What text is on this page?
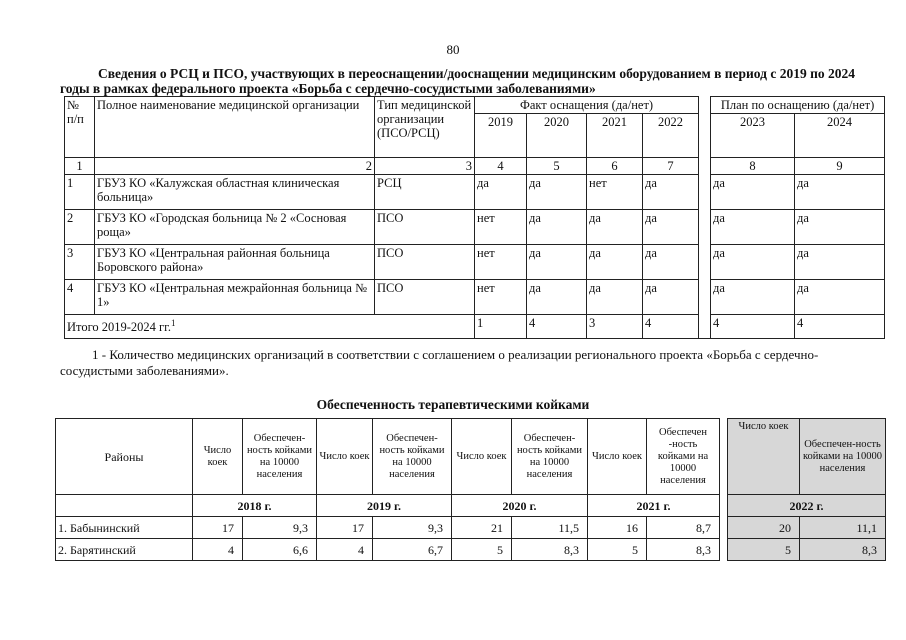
80
Сведения о РСЦ и ПСО, участвующих в переоснащении/дооснащении медицинским оборудованием в период с 2019 по 2024
годы в рамках федерального проекта «Борьба с сердечно-сосудистыми заболеваниями»
№ п/п	Полное наименование медицинской организации	Тип медицинской организации (ПСО/РСЦ)	Факт оснащения (да/нет)					План по оснащению (да/нет)	
			2019	2020	2021	2022		2023	2024
1	2	3	4	5	6	7		8	9
1	ГБУЗ КО «Калужская областная клиническая больница»	РСЦ	да	да	нет	да		да	да
2	ГБУЗ КО «Городская больница № 2 «Сосновая роща»	ПСО	нет	да	да	да		да	да
3	ГБУЗ КО «Центральная районная больница Боровского района»	ПСО	нет	да	да	да		да	да
4	ГБУЗ КО «Центральная межрайонная больница № 1»	ПСО	нет	да	да	да		да	да
Итого 2019-2024 гг.$^1$			1	4	3	4		4	4
1 - Количество медицинских организаций в соответствии с соглашением о реализации регионального проекта «Борьба с сердечно-сосудистыми заболеваниями».
Обеспеченность терапевтическими койками
Районы	Число коек	Обеспечен-ность койками на 10000 населения	Число коек	Обеспечен-ность койками на 10000 населения	Число коек	Обеспечен-ность койками на 10000 населения	Число коек	Обеспечен -ность койками на 10000 населения		Число коек	Обеспечен-ность койками на 10000 населения
	2018 г.		2019 г.		2020 г.		2021 г.			2022 г.	
1. Бабынинский	17	9,3	17	9,3	21	11,5	16	8,7		20	11,1
2. Барятинский	4	6,6	4	6,7	5	8,3	5	8,3		5	8,3
